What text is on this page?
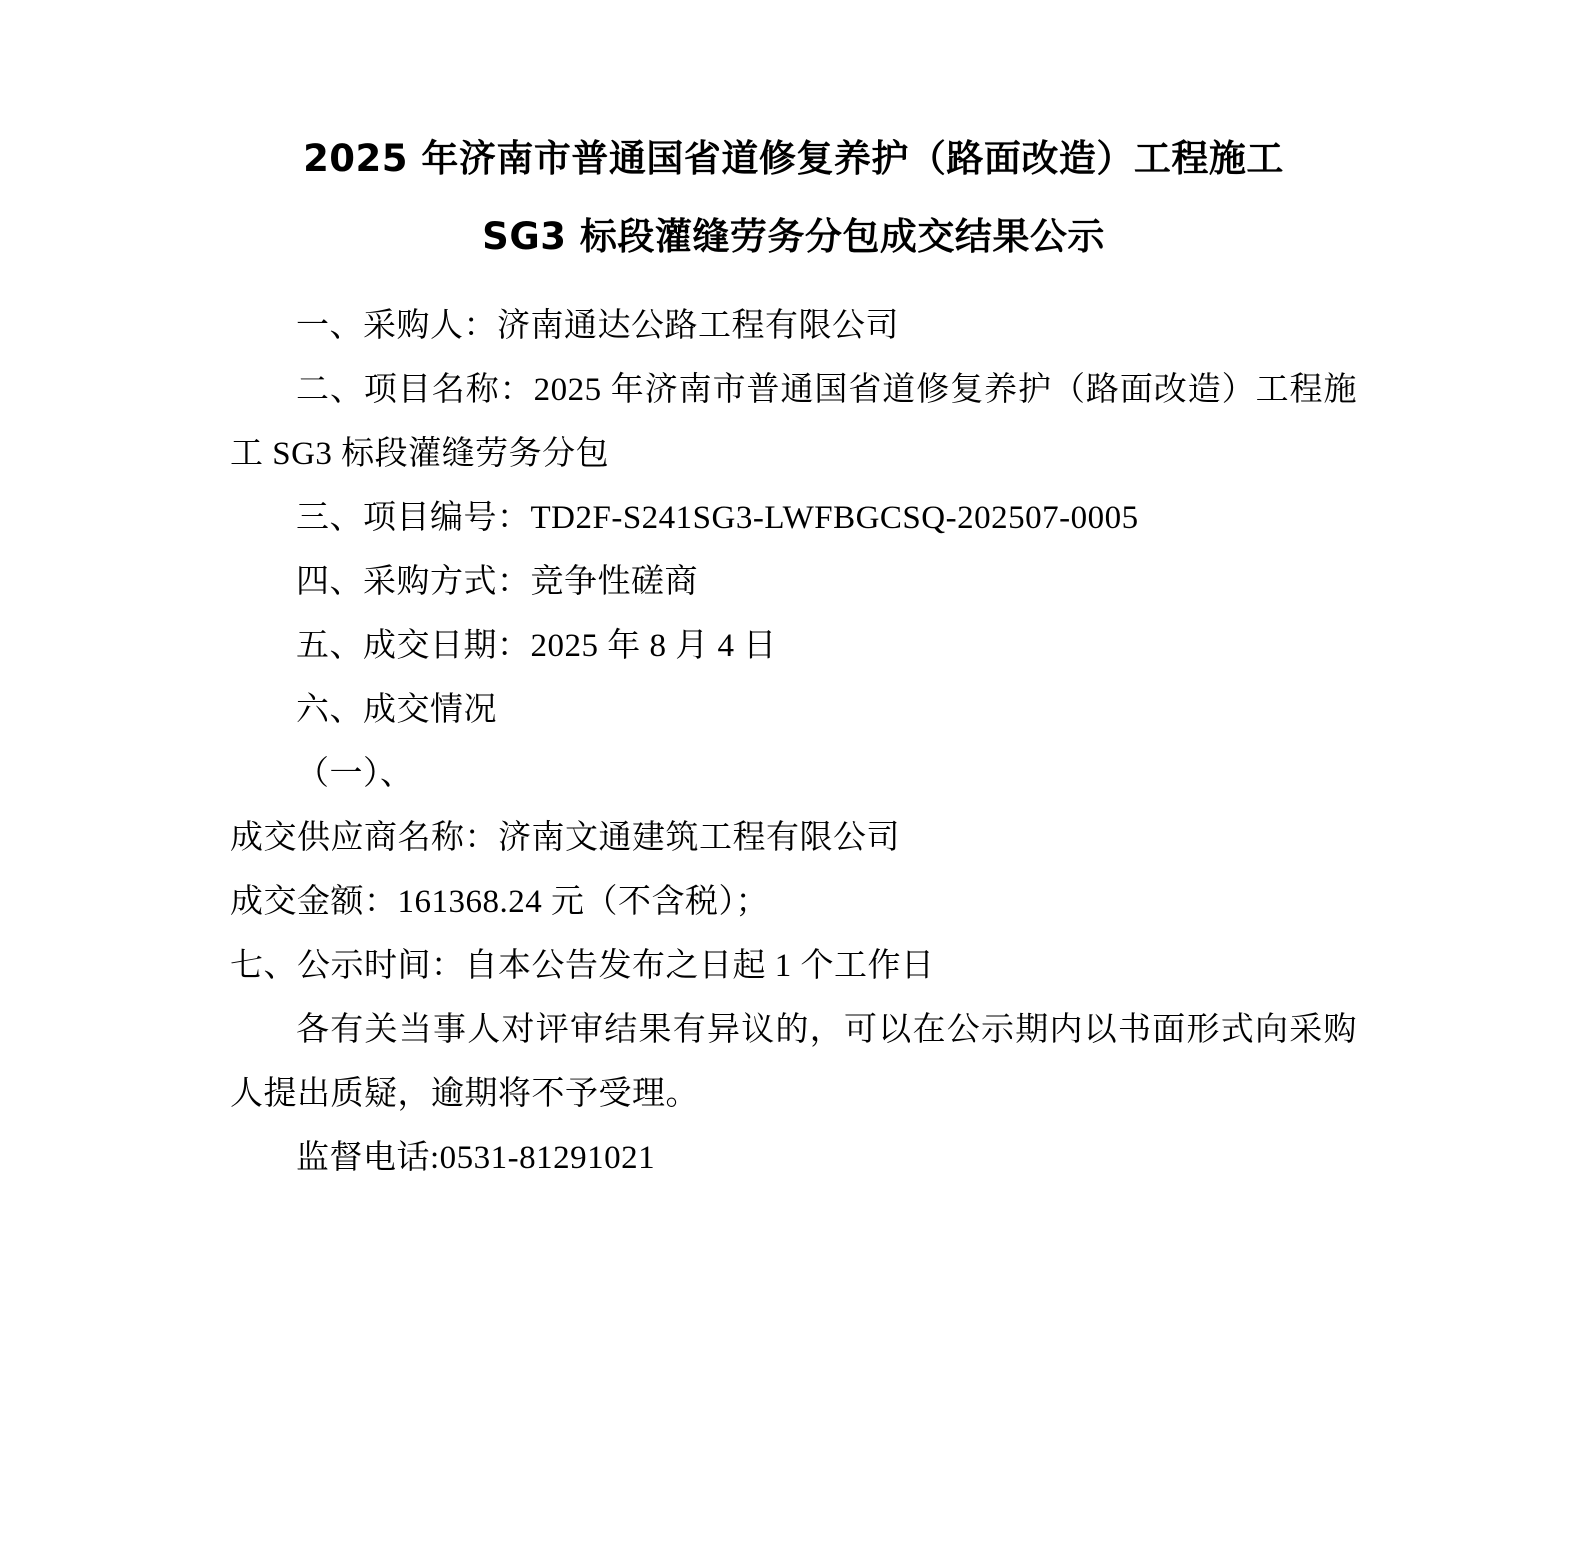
2025 年济南市普通国省道修复养护（路面改造）工程施工
SG3 标段灌缝劳务分包成交结果公示

一、采购人：济南通达公路工程有限公司

二、项目名称：2025 年济南市普通国省道修复养护（路面改造）工程施工 SG3 标段灌缝劳务分包

三、项目编号：TD2F-S241SG3-LWFBGCSQ-202507-0005

四、采购方式：竞争性磋商

五、成交日期：2025 年 8 月 4 日

六、成交情况

（一）、

成交供应商名称：济南文通建筑工程有限公司

成交金额：161368.24 元（不含税）；

七、公示时间：自本公告发布之日起 1 个工作日

各有关当事人对评审结果有异议的，可以在公示期内以书面形式向采购人提出质疑，逾期将不予受理。

监督电话:0531-81291021
